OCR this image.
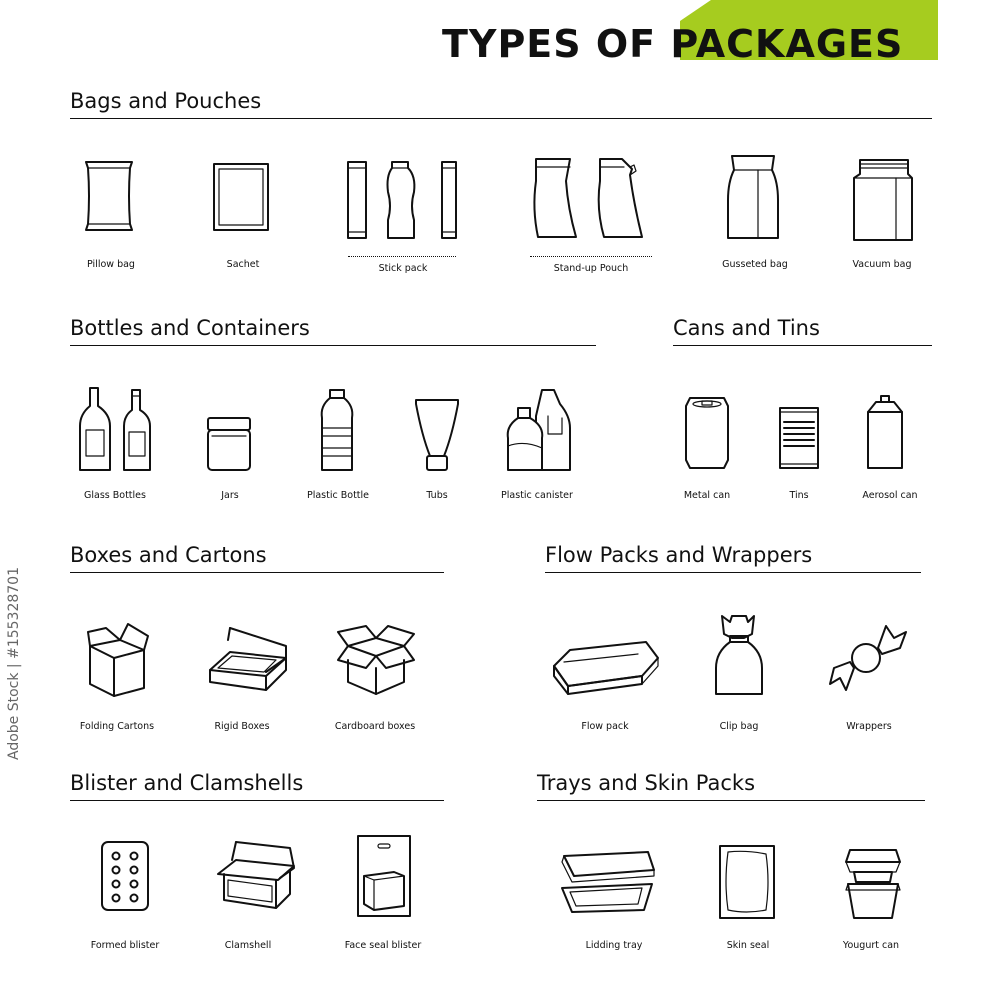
TYPES OF PACKAGES
Bags and Pouches
Pillow bag	Sachet	Stick pack	Stand-up Pouch	Gusseted bag	Vacuum bag
Bottles and Containers
Glass Bottles	Jars	Plastic Bottle	Tubs	Plastic canister
Cans and Tins
Metal can	Tins	Aerosol can
Boxes and Cartons
Folding Cartons	Rigid Boxes	Cardboard boxes
Flow Packs and Wrappers
Flow pack	Clip bag	Wrappers
Blister and Clamshells
Formed blister	Clamshell	Face seal blister
Trays and Skin Packs
Lidding tray	Skin seal	Yougurt can
Adobe Stock | #155328701
